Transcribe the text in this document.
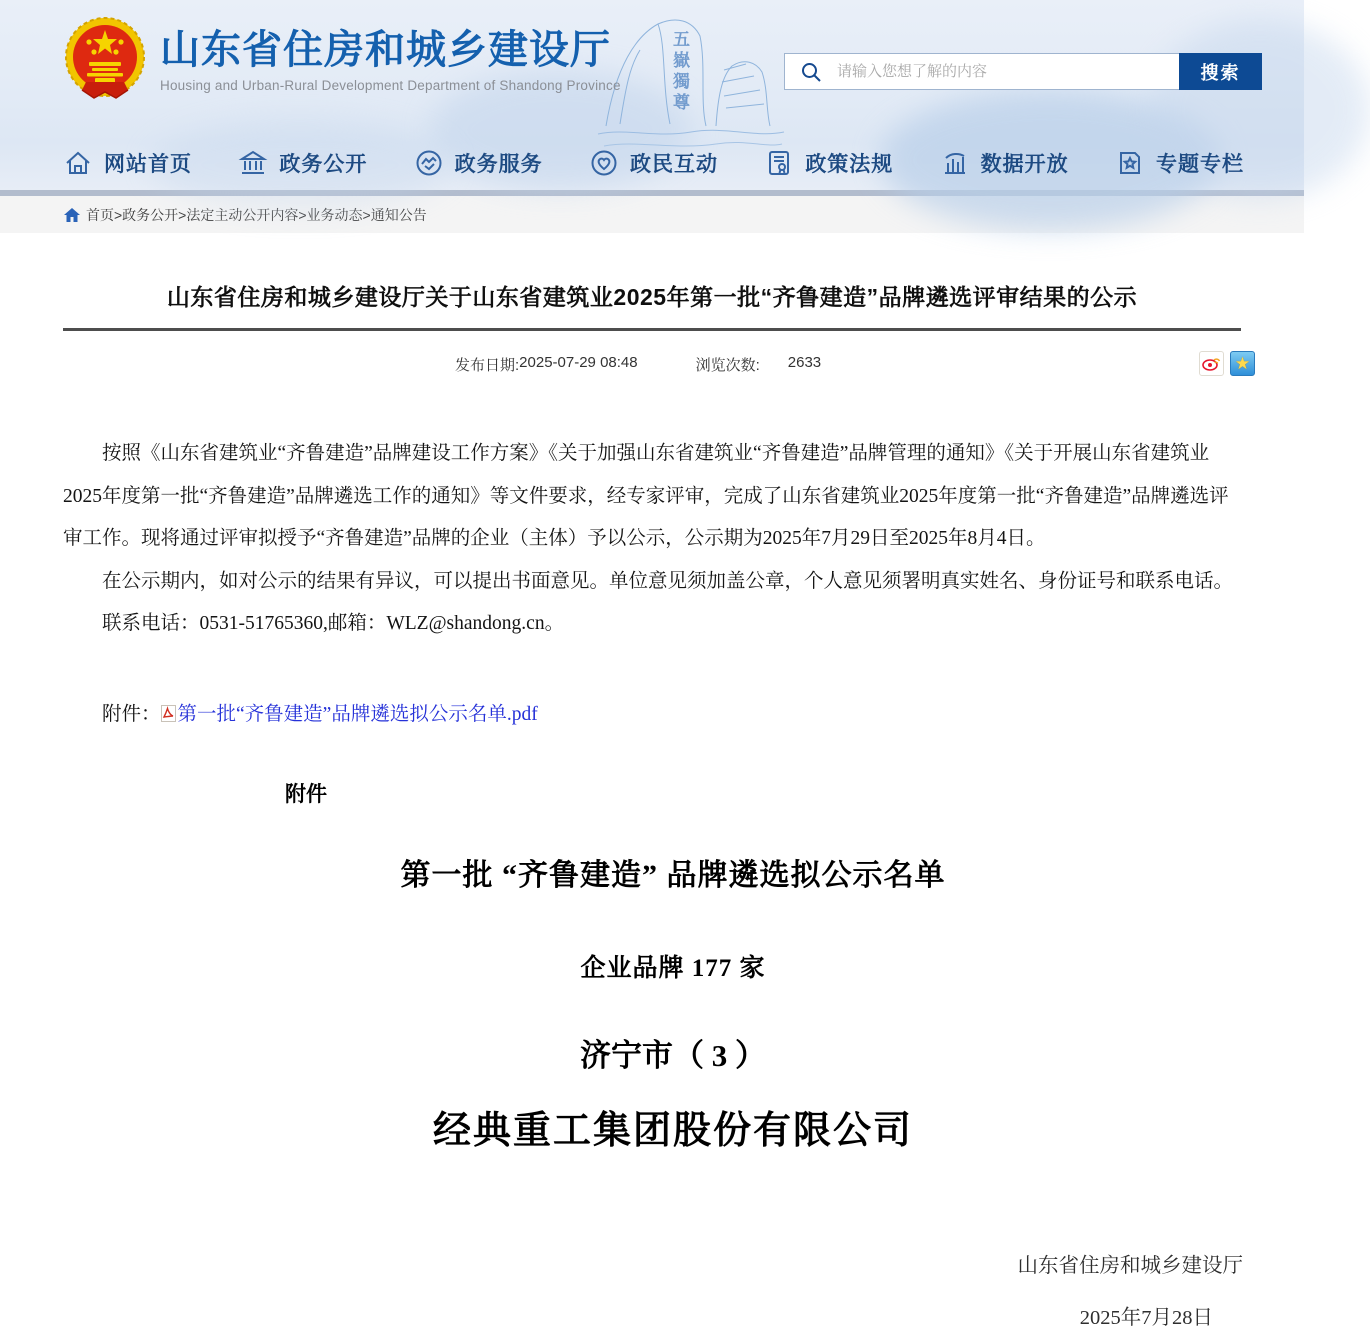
五嶽獨尊
山东省住房和城乡建设厅
Housing and Urban-Rural Development Department of Shandong Province
请输入您想了解的内容
搜索
网站首页	政务公开	政务服务	政民互动	政策法规	数据开放	专题专栏
首页>政务公开>法定主动公开内容>业务动态>通知公告
山东省住房和城乡建设厅关于山东省建筑业2025年第一批“齐鲁建造”品牌遴选评审结果的公示
发布日期: 2025-07-29 08:48	浏览次数: 2633	★

按照《山东省建筑业“齐鲁建造”品牌建设工作方案》《关于加强山东省建筑业“齐鲁建造”品牌管理的通知》《关于开展山东省建筑业2025年度第一批“齐鲁建造”品牌遴选工作的通知》等文件要求，经专家评审，完成了山东省建筑业2025年度第一批“齐鲁建造”品牌遴选评审工作。现将通过评审拟授予“齐鲁建造”品牌的企业（主体）予以公示，公示期为2025年7月29日至2025年8月4日。

在公示期内，如对公示的结果有异议，可以提出书面意见。单位意见须加盖公章，个人意见须署明真实姓名、身份证号和联系电话。

联系电话：0531-51765360,邮箱：WLZ@shandong.cn。

附件： 第一批“齐鲁建造”品牌遴选拟公示名单.pdf
附件
第一批 “齐鲁建造” 品牌遴选拟公示名单
企业品牌 177 家
济宁市（ 3 ）
经典重工集团股份有限公司
山东省住房和城乡建设厅
2025年7月28日
